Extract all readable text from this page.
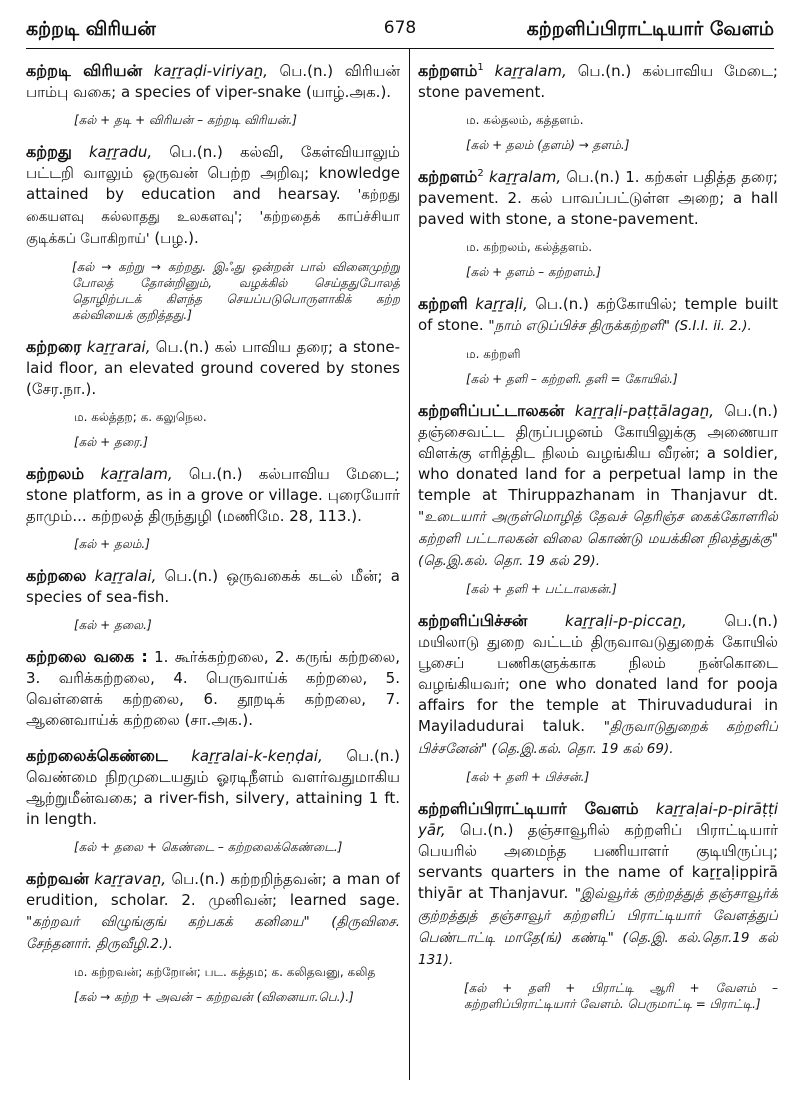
கற்றடி விரியன்	678	கற்றளிப்பிராட்டியார் வேளம்

கற்றடி விரியன் kaṟṟaḍi-viriyaṉ, பெ.(n.) விரியன் பாம்பு வகை; a species of viper-snake (யாழ்.அக.).

[கல் + தடி + விரியன் – கற்றடி விரியன்.]

கற்றது kaṟṟadu, பெ.(n.) கல்வி, கேள்வியாலும் பட்டறி வாலும் ஒருவன் பெற்ற அறிவு; knowledge attained by education and hearsay. 'கற்றது கையளவு கல்லாதது உலகளவு'; 'கற்றதைக் காப்ச்சியா குடிக்கப் போகிறாய்' (பழ.).

[கல் → கற்று → கற்றது. இஃது ஒன்றன் பால் வினைமுற்று போலத் தோன்றினும், வழக்கில் செய்ததுபோலத் தொழிற்படக் கிளந்த செயப்படுபொருளாகிக் கற்ற கல்வியைக் குறித்தது.]

கற்றரை kaṟṟarai, பெ.(n.) கல் பாவிய தரை; a stone-laid floor, an elevated ground covered by stones (சேர.நா.).

ம. கல்த்தற; க. கலுநெல.
[கல் + தரை.]

கற்றலம் kaṟṟalam, பெ.(n.) கல்பாவிய மேடை; stone platform, as in a grove or village. புரையோர் தாமும்... கற்றலத் திருந்துழி (மணிமே. 28, 113.).

[கல் + தலம்.]

கற்றலை kaṟṟalai, பெ.(n.) ஒருவகைக் கடல் மீன்; a species of sea-fish.

[கல் + தலை.]

கற்றலை வகை : 1. கூர்க்கற்றலை, 2. கருங் கற்றலை, 3. வரிக்கற்றலை, 4. பெருவாய்க் கற்றலை, 5. வெள்ளைக் கற்றலை, 6. தூறடிக் கற்றலை, 7. ஆனைவாய்க் கற்றலை (சா.அக.).

கற்றலைக்கெண்டை kaṟṟalai-k-keṇḍai, பெ.(n.) வெண்மை நிறமுடையதும் ஓரடிநீளம் வளர்வதுமாகிய ஆற்றுமீன்வகை; a river-fish, silvery, attaining 1 ft. in length.

[கல் + தலை + கெண்டை – கற்றலைக்கெண்டை.]

கற்றவன் kaṟṟavaṉ, பெ.(n.) கற்றறிந்தவன்; a man of erudition, scholar. 2. முனிவன்; learned sage. "கற்றவர் விழுங்குங் கற்பகக் கனியை" (திருவிசை. சேந்தனார். திருவீழி.2.).

ம. கற்றவன்; கற்றோன்; பட. கத்தம; க. கலிதவனு, கலித
[கல் → கற்ற + அவன் – கற்றவன் (வினையா.பெ.).]

கற்றளம்$^1$ kaṟṟalam, பெ.(n.) கல்பாவிய மேடை; stone pavement.

ம. கல்தலம், கத்தளம்.
[கல் + தலம் (தளம்) → தளம்.]

கற்றளம்$^2$ kaṟṟalam, பெ.(n.) 1. கற்கள் பதித்த தரை; pavement. 2. கல் பாவப்பட்டுள்ள அறை; a hall paved with stone, a stone-pavement.

ம. கற்றலம், கல்த்தளம்.
[கல் + தளம் – கற்றளம்.]

கற்றளி kaṟṟaḷi, பெ.(n.) கற்கோயில்; temple built of stone. "நாம் எடுப்பிச்ச திருக்கற்றளி" (S.I.I. ii. 2.).

ம. கற்றளி
[கல் + தளி – கற்றளி. தளி = கோயில்.]

கற்றளிப்பட்டாலகன் kaṟṟaḷi-paṭṭālagaṉ, பெ.(n.) தஞ்சைவட்ட திருப்பழனம் கோயிலுக்கு அணையா விளக்கு எரித்திட நிலம் வழங்கிய வீரன்; a soldier, who donated land for a perpetual lamp in the temple at Thiruppazhanam in Thanjavur dt. "உடையார் அருள்மொழித் தேவச் தெரிஞ்ச கைக்கோளரில் கற்றளி பட்டாலகன் விலை கொண்டு மயக்கின நிலத்துக்கு" (தெ.இ.கல். தொ. 19 கல் 29).

[கல் + தளி + பட்டாலகன்.]

கற்றளிப்பிச்சன்	kaṟṟaḷi-p-piccaṉ, பெ.(n.) மயிலாடு துறை வட்டம் திருவாவடுதுறைக் கோயில் பூசைப் பணிகளுக்காக நிலம் நன்கொடை வழங்கியவர்; one who donated land for pooja affairs for the temple at Thiruvadudurai in Mayiladudurai taluk. "திருவாடுதுறைக் கற்றளிப் பிச்சனேன்" (தெ.இ.கல். தொ. 19 கல் 69).

[கல் + தளி + பிச்சன்.]

கற்றளிப்பிராட்டியார் வேளம் kaṟṟaḷai-p-pirāṭṭi yār, பெ.(n.) தஞ்சாவூரில் கற்றளிப் பிராட்டியார் பெயரில் அமைந்த பணியாளர் குடியிருப்பு; servants quarters in the name of kaṟṟaḷippirā thiyār at Thanjavur. "இவ்வூர்க் குற்றத்துத் தஞ்சாவூர்க் குற்றத்துத் தஞ்சாவூர் கற்றளிப் பிராட்டியார் வேளத்துப் பெண்டாட்டி மாதே(ங்) கண்டி" (தெ.இ. கல்.தொ.19 கல் 131).

[கல் + தளி + பிராட்டி ஆரி + வேளம் – கற்றளிப்பிராட்டியார் வேளம். பெருமாட்டி = பிராட்டி.]
